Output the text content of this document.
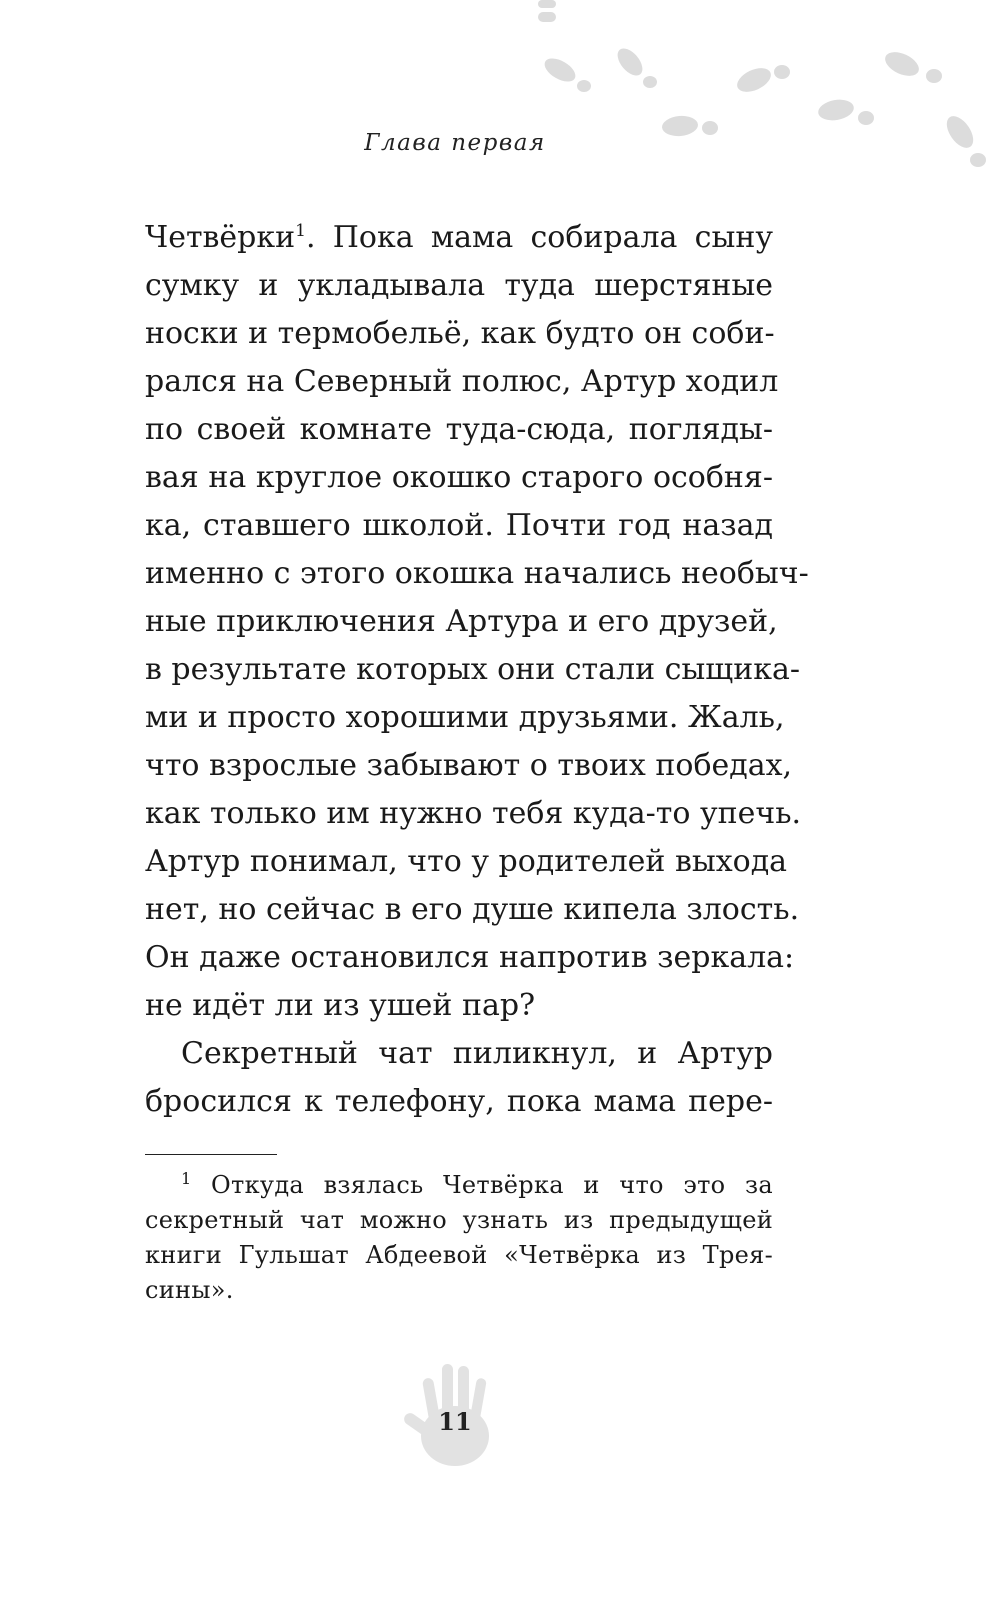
Глава первая
Четвёрки$^1$. Пока мама собирала сыну
сумку и укладывала туда шерстяные
носки и термобельё, как будто он соби-
рался на Северный полюс, Артур ходил
по своей комнате туда-сюда, погляды-
вая на круглое окошко старого особня-
ка, ставшего школой. Почти год назад
именно с этого окошка начались необыч-
ные приключения Артура и его друзей,
в результате которых они стали сыщика-
ми и просто хорошими друзьями. Жаль,
что взрослые забывают о твоих победах,
как только им нужно тебя куда-то упечь.
Артур понимал, что у родителей выхода
нет, но сейчас в его душе кипела злость.
Он даже остановился напротив зеркала:
не идёт ли из ушей пар?
Секретный чат пиликнул, и Артур
бросился к телефону, пока мама пере-
$^1$ Откуда взялась Четвёрка и что это за
секретный чат можно узнать из предыдущей
книги Гульшат Абдеевой «Четвёрка из Трея-
сины».
11
